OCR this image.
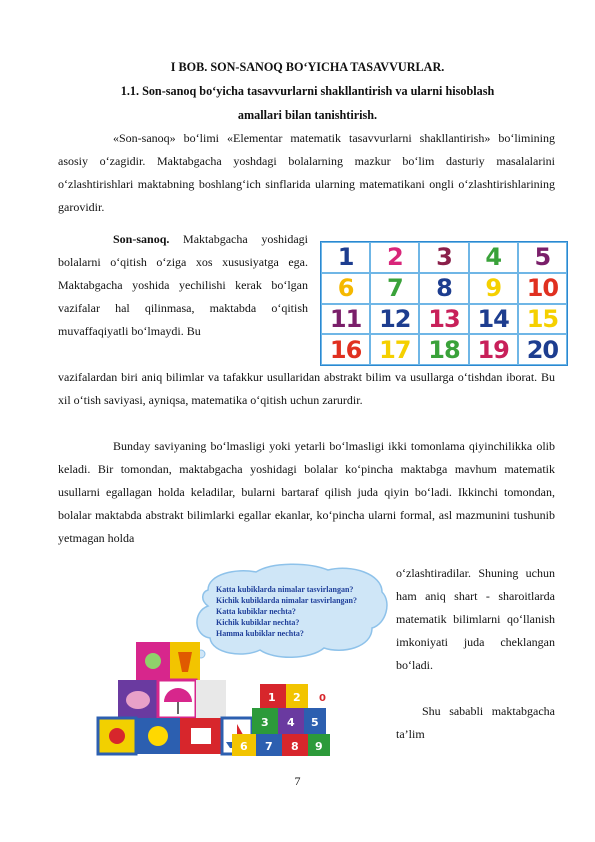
I BOB. SON-SANOQ BO‘YICHA TASAVVURLAR.
1.1. Son-sanoq bo‘yicha tasavvurlarni shakllantirish va ularni hisoblash
amallari bilan tanishtirish.

«Son-sanoq» bo‘limi «Elementar matematik tasavvurlarni shakllantirish» bo‘limining asosiy o‘zagidir. Maktabgacha yoshdagi bolalarning mazkur bo‘lim dasturiy masalalarini o‘zlashtirishlari maktabning boshlang‘ich sinflarida ularning matematikani ongli o‘zlashtirishlarining garovidir.

Son-sanoq. Maktabgacha yoshidagi bolalarni o‘qitish o‘ziga xos xususiyatga ega. Maktabgacha yoshida yechilishi kerak bo‘lgan vazifalar hal qilinmasa, maktabda o‘qitish muvaffaqiyatli bo‘lmaydi. Bu

1	2	3	4	5
6	7	8	9	10
11 12 13 14 15
16 17 18 19 20

vazifalardan biri aniq bilimlar va tafakkur usullaridan abstrakt bilim va usullarga o‘tishdan iborat. Bu xil o‘tish saviyasi, ayniqsa, matematika o‘qitish uchun zarurdir.

Bunday saviyaning bo‘lmasligi yoki yetarli bo‘lmasligi ikki tomonlama qiyinchilikka olib keladi. Bir tomondan, maktabgacha yoshidagi bolalar ko‘pincha maktabga mavhum matematik usullarni egallagan holda keladilar, bularni bartaraf qilish juda qiyin bo‘ladi. Ikkinchi tomondan, bolalar maktabda abstrakt bilimlarki egallar ekanlar, ko‘pincha ularni formal, asl mazmunini tushunib yetmagan holda

o‘zlashtiradilar. Shuning uchun ham aniq shart - sharoitlarda matematik bilimlarni qo‘llanish imkoniyati juda cheklangan bo‘ladi.

Shu sababli maktabgacha ta’lim

Katta kubiklarda nimalar tasvirlangan?
Kichik kubiklarda nimalar tasvirlangan?
Katta kubiklar nechta?
Kichik kubiklar nechta?
Hamma kubiklar nechta?
1 2
3 4 5
6 7 8 9
0
7
